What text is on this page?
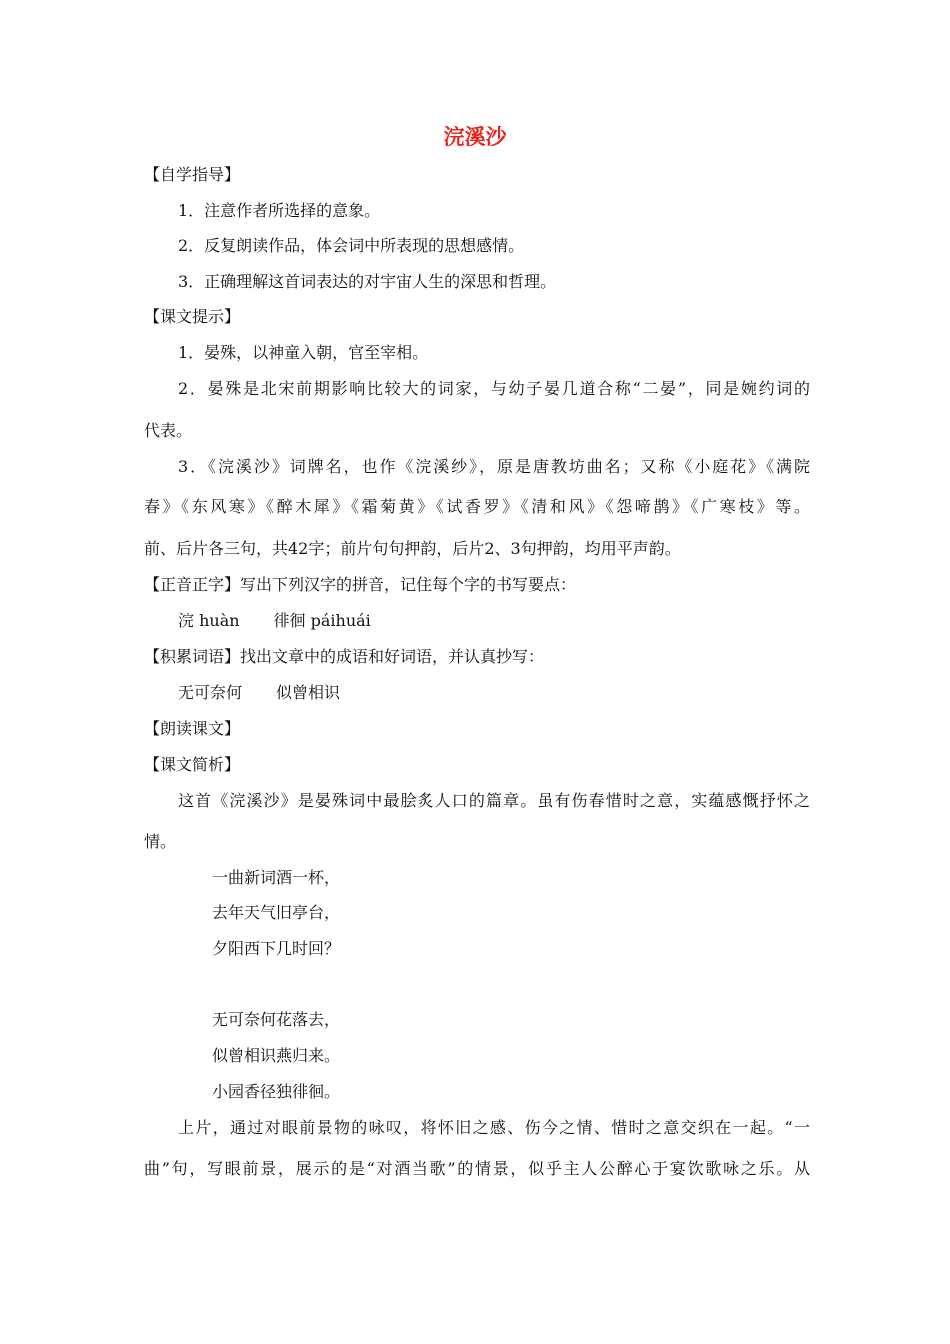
浣溪沙
【自学指导】
1．注意作者所选择的意象。
2．反复朗读作品，体会词中所表现的思想感情。
3．正确理解这首词表达的对宇宙人生的深思和哲理。
【课文提示】
1．晏殊，以神童入朝，官至宰相。
2．晏殊是北宋前期影响比较大的词家，与幼子晏几道合称“二晏”，同是婉约词的
代表。
3．《浣溪沙》词牌名，也作《浣溪纱》，原是唐教坊曲名；又称《小庭花》《满院
春》《东风寒》《醉木犀》《霜菊黄》《试香罗》《清和风》《怨啼鹊》《广寒枝》等。
前、后片各三句，共42字；前片句句押韵，后片2、3句押韵，均用平声韵。
【正音正字】写出下列汉字的拼音，记住每个字的书写要点：
浣 huàn 徘徊 páihuái
【积累词语】找出文章中的成语和好词语，并认真抄写：
无可奈何 似曾相识
【朗读课文】
【课文简析】
这首《浣溪沙》是晏殊词中最脍炙人口的篇章。虽有伤春惜时之意，实蕴感慨抒怀之
情。
一曲新词酒一杯，
去年天气旧亭台，
夕阳西下几时回？
无可奈何花落去，
似曾相识燕归来。
小园香径独徘徊。
上片，通过对眼前景物的咏叹，将怀旧之感、伤今之情、惜时之意交织在一起。“一
曲”句，写眼前景，展示的是“对酒当歌”的情景，似乎主人公醉心于宴饮歌咏之乐。从
